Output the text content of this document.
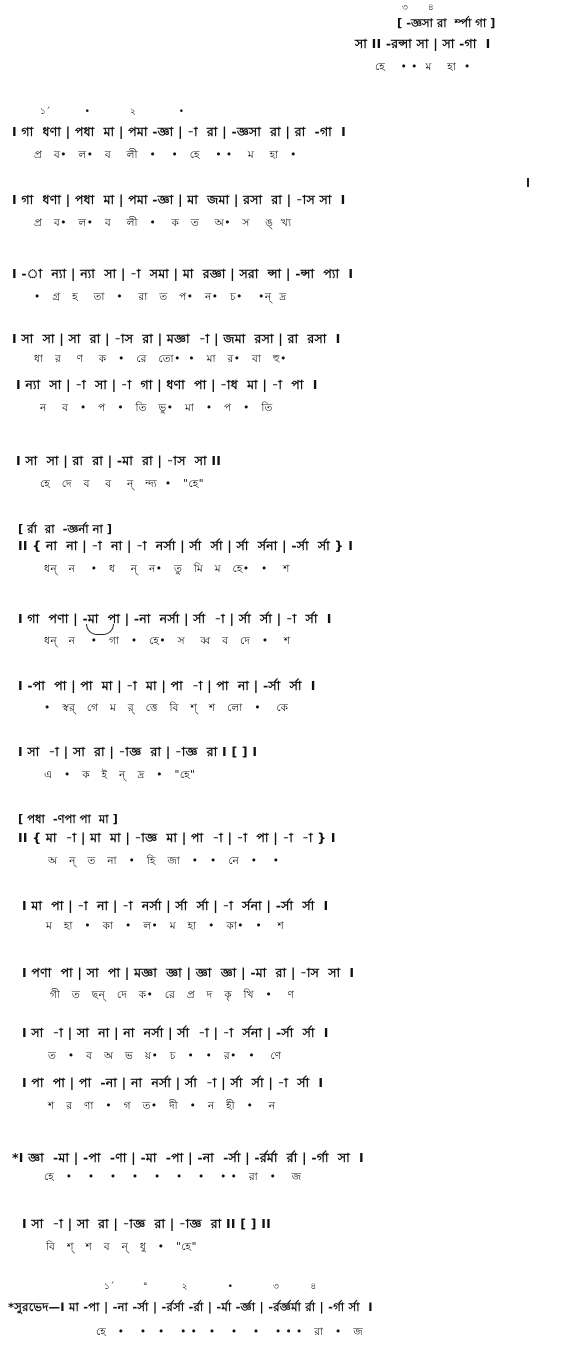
৩       ৪
[ -জ্ঞসা রা  র্ম্পা গা ]
সা II -রন্সা সা | সা -গা  I
হে    • •  ম    হা  •
১´            •              ২               •
I গা  ধণা | পধা  মা | পমা -জ্ঞা | -া  রা | -জ্ঞসা  রা | রা  -গা  I
প্র   ব•   ল•   ব    লী   •    •   হে    • •    ম    হা   •
I গা  ধণা | পধা  মা | পমা -জ্ঞা | মা  জমা | রসা  রা | -াস সা  I
প্র   ব•   ল•   ব    লী   •    ক   ত    অ•   স    ঙ্  খ্য
I -া  ন্যা | ন্যা  সা | -া  সমা | মা  রজ্ঞা | সরা  ন্সা | -ন্সা  প্যা  I
•   গ্র   হ    তা   •    রা   ত   প•   ন•   চ•    •ন্  দ্র
I সা  সা | সা  রা | -াস  রা | মজ্ঞা  -া | জমা  রসা | রা  রসা  I
ধা   র    ণ    ক   •   রে   তো•  •   মা   র•   বা   হু•
I ন্যা  সা | -া  সা | -া  গা | ধণা  পা | -াধ  মা | -া  পা  I
ন    ব   •   প   •   তি   ভু•   মা   •   প   •   তি
I সা  সা | রা  রা | -মা  রা | -াস  সা II
হে   দে   ব    ব    ন্   ন্দ্য  •   "হে"
[ র্রা  রা  -জ্ঞর্না না ]
II { না  না | -া  না | -া  নর্সা | র্সা  র্সা | র্সা  র্সনা | -র্সা  র্সা } I
ধন্   ন    •   ধ    ন্   ন•   তু   মি   ম   হে•   •    শ
I গা  পণা | -মা  পা | -না  নর্সা | র্সা  -া | র্সা  র্সা | -া  র্সা  I
ধন্   ন    •   গা   •   হে•   স    ব্ব   ব   দে   •    শ
I -পা  পা | পা  মা | -া  মা | পা  -া | পা  না | -র্সা  র্সা  I
•   স্বর্   গে   ম   র্   ত্তে   বি   শ্   শ   লো   •    কে
I সা  -া | সা  রা | -াজ্ঞ  রা | -াজ্ঞ  রা I [ ] I
এ   •   ক   ই   ন্   দ্র   •   "হে"
[ পধা  -ণপা পা  মা ]
II { মা  -া | মা  মা | -াজ্ঞ  মা | পা  -া | -া  পা | -া  -া } I
অ   ন্   ত   না   •   হি   জা   •   •   নে   •    •
I মা  পা | -া  না | -া  নর্সা | র্সা  র্সা | -া  র্সনা | -র্সা  র্সা  I
ম   হা   •   কা   •   ল•   ম   হা   •   কা•   •    শ
I পণা  পা | সা  পা | মজ্ঞা  জ্ঞা | জ্ঞা  জ্ঞা | -মা  রা | -াস  সা  I
গী   ত   ছন্   দে   ক•   রে   প্র   দ   কৃ   খি   •    ণ
I সা  -া | সা  না | না  নর্সা | র্সা  -া | -া  র্সনা | -র্সা  র্সা  I
ত   •   ব   অ   ভ   য়•   চ   •   •   র•   •    ণে
I পা  পা | পা  -না | না  নর্সা | র্সা  -া | র্সা  র্সা | -া  র্সা  I
শ   র   ণা   •   গ   ত•   দী   •   ন   হী   •    ন
*I জ্ঞা  -মা | -পা  -ণা | -মা  -পা | -না  -র্সা | -র্রর্মা  র্রা | -র্গা  সা  I
হে   •    •    •    •    •    •    •    • •   রা   •    জ
I সা  -া | সা  রা | -াজ্ঞ  রা | -াজ্ঞ  রা II [ ] II
বি   শ্   শ   ব   ন্   ধু   •   "হে"
১´          °            ২              •              ৩           ৪
*সুরভেদ—I মা -পা | -না -র্সা | -র্রর্সা -র্রা | -র্মা -র্জ্ঞা | -র্রর্জ্ঞর্মা র্রা | -র্গা র্সা  I
হে   •    •   •    • •   •    •    •    • • •   রা   •   জ
